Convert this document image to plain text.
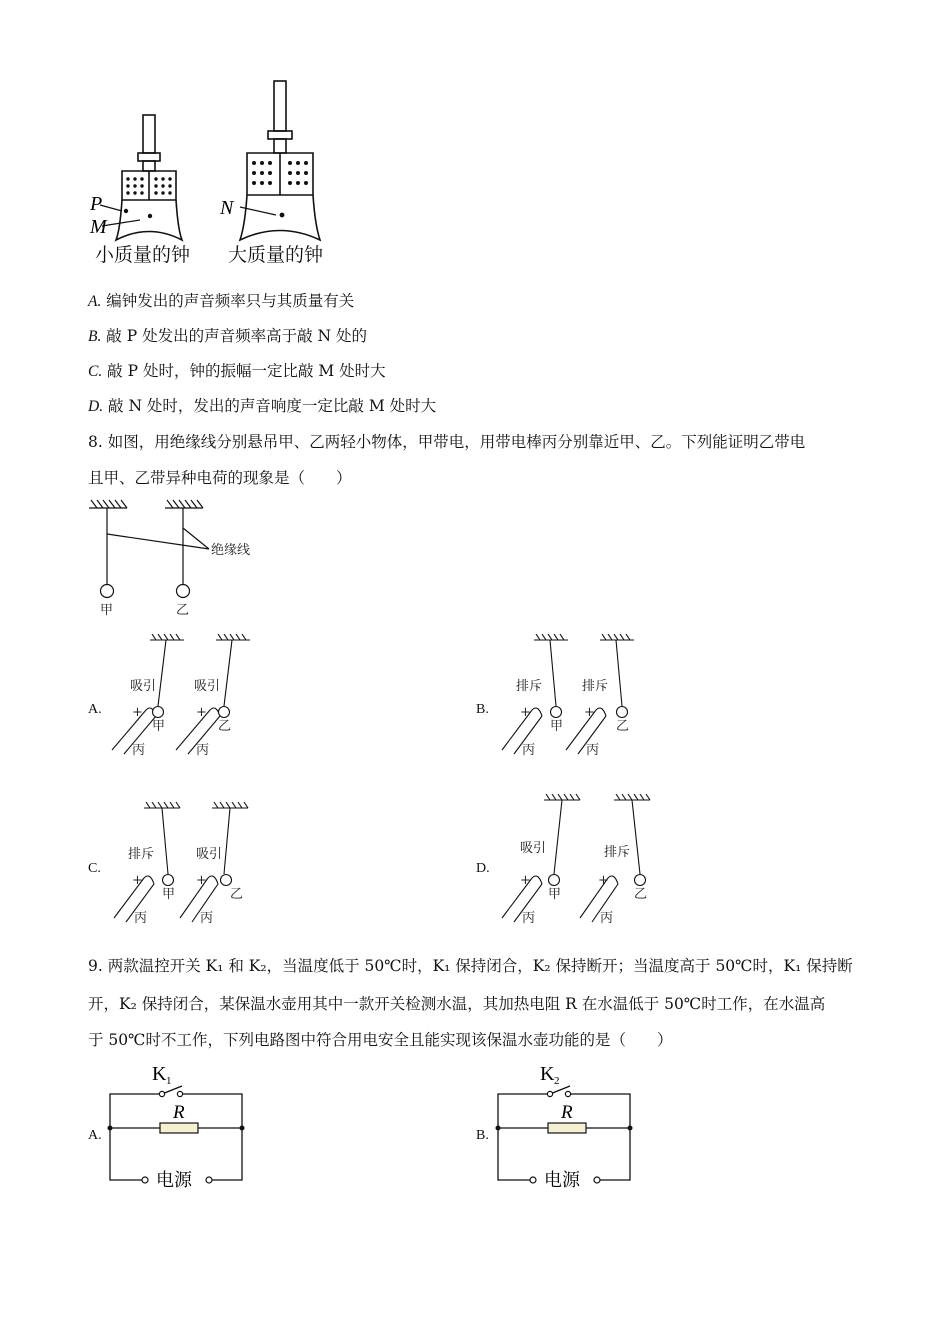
P
M
N
小质量的钟 大质量的钟
A. 编钟发出的声音频率只与其质量有关
B. 敲 P 处发出的声音频率高于敲 N 处的
C. 敲 P 处时，钟的振幅一定比敲 M 处时大
D. 敲 N 处时，发出的声音响度一定比敲 M 处时大
8. 如图，用绝缘线分别悬吊甲、乙两轻小物体，甲带电，用带电棒丙分别靠近甲、乙。下列能证明乙带电
且甲、乙带异种电荷的现象是（　　）
绝缘线
甲	乙
A.
吸引	吸引
+	+
甲	乙
丙	丙
B.
排斥	排斥
+	+
甲	乙
丙	丙
C.
排斥	吸引
+	+
甲	乙
丙	丙
D.
吸引	排斥
+	+
甲	乙
丙	丙
9. 两款温控开关 K₁ 和 K₂，当温度低于 50℃时，K₁ 保持闭合，K₂ 保持断开；当温度高于 50℃时，K₁ 保持断
开，K₂ 保持闭合，某保温水壶用其中一款开关检测水温，其加热电阻 R 在水温低于 50℃时工作，在水温高
于 50℃时不工作，下列电路图中符合用电安全且能实现该保温水壶功能的是（　　）
A.
K 1
R
电源
B.
K 2
R
电源
